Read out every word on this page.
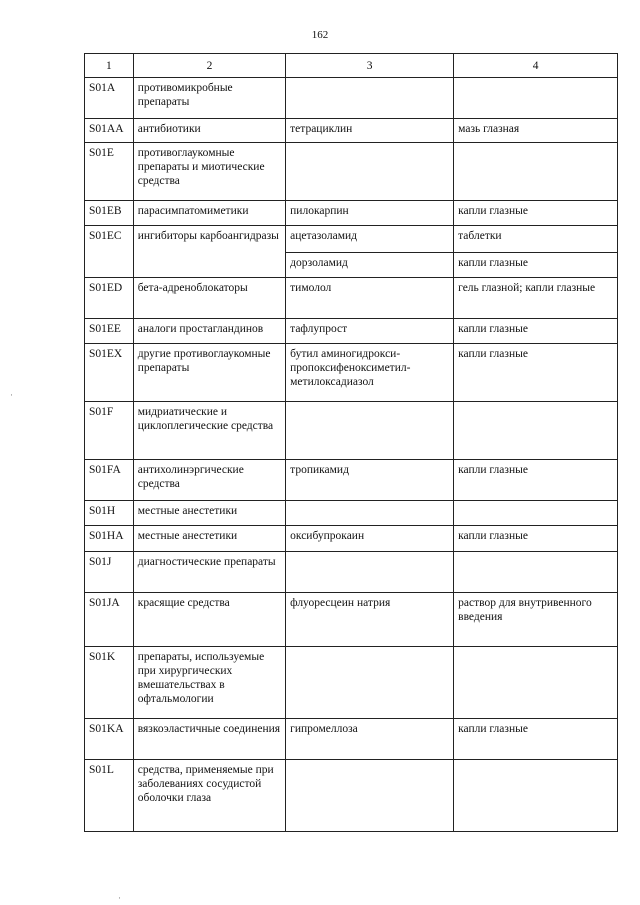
162
1	2	3	4
S01A	противомикробные препараты		
S01AA	антибиотики	тетрациклин	мазь глазная
S01E	противоглаукомные препараты и миотические средства		
S01EB	парасимпатомиметики	пилокарпин	капли глазные
S01EC	ингибиторы карбоангидразы	ацетазоламид	таблетки
		дорзоламид	капли глазные
S01ED	бета-адреноблокаторы	тимолол	гель глазной; капли глазные
S01EE	аналоги простагландинов	тафлупрост	капли глазные
S01EX	другие противоглаукомные препараты	бутил аминогидрокси-пропоксифеноксиметил-метилоксадиазол	капли глазные
S01F	мидриатические и циклоплегические средства		
S01FA	антихолинэргические средства	тропикамид	капли глазные
S01H	местные анестетики		
S01HA	местные анестетики	оксибупрокаин	капли глазные
S01J	диагностические препараты		
S01JA	красящие средства	флуоресцеин натрия	раствор для внутривенного введения
S01K	препараты, используемые при хирургических вмешательствах в офтальмологии		
S01KA	вязкоэластичные соединения	гипромеллоза	капли глазные
S01L	средства, применяемые при заболеваниях сосудистой оболочки глаза		
·
·
